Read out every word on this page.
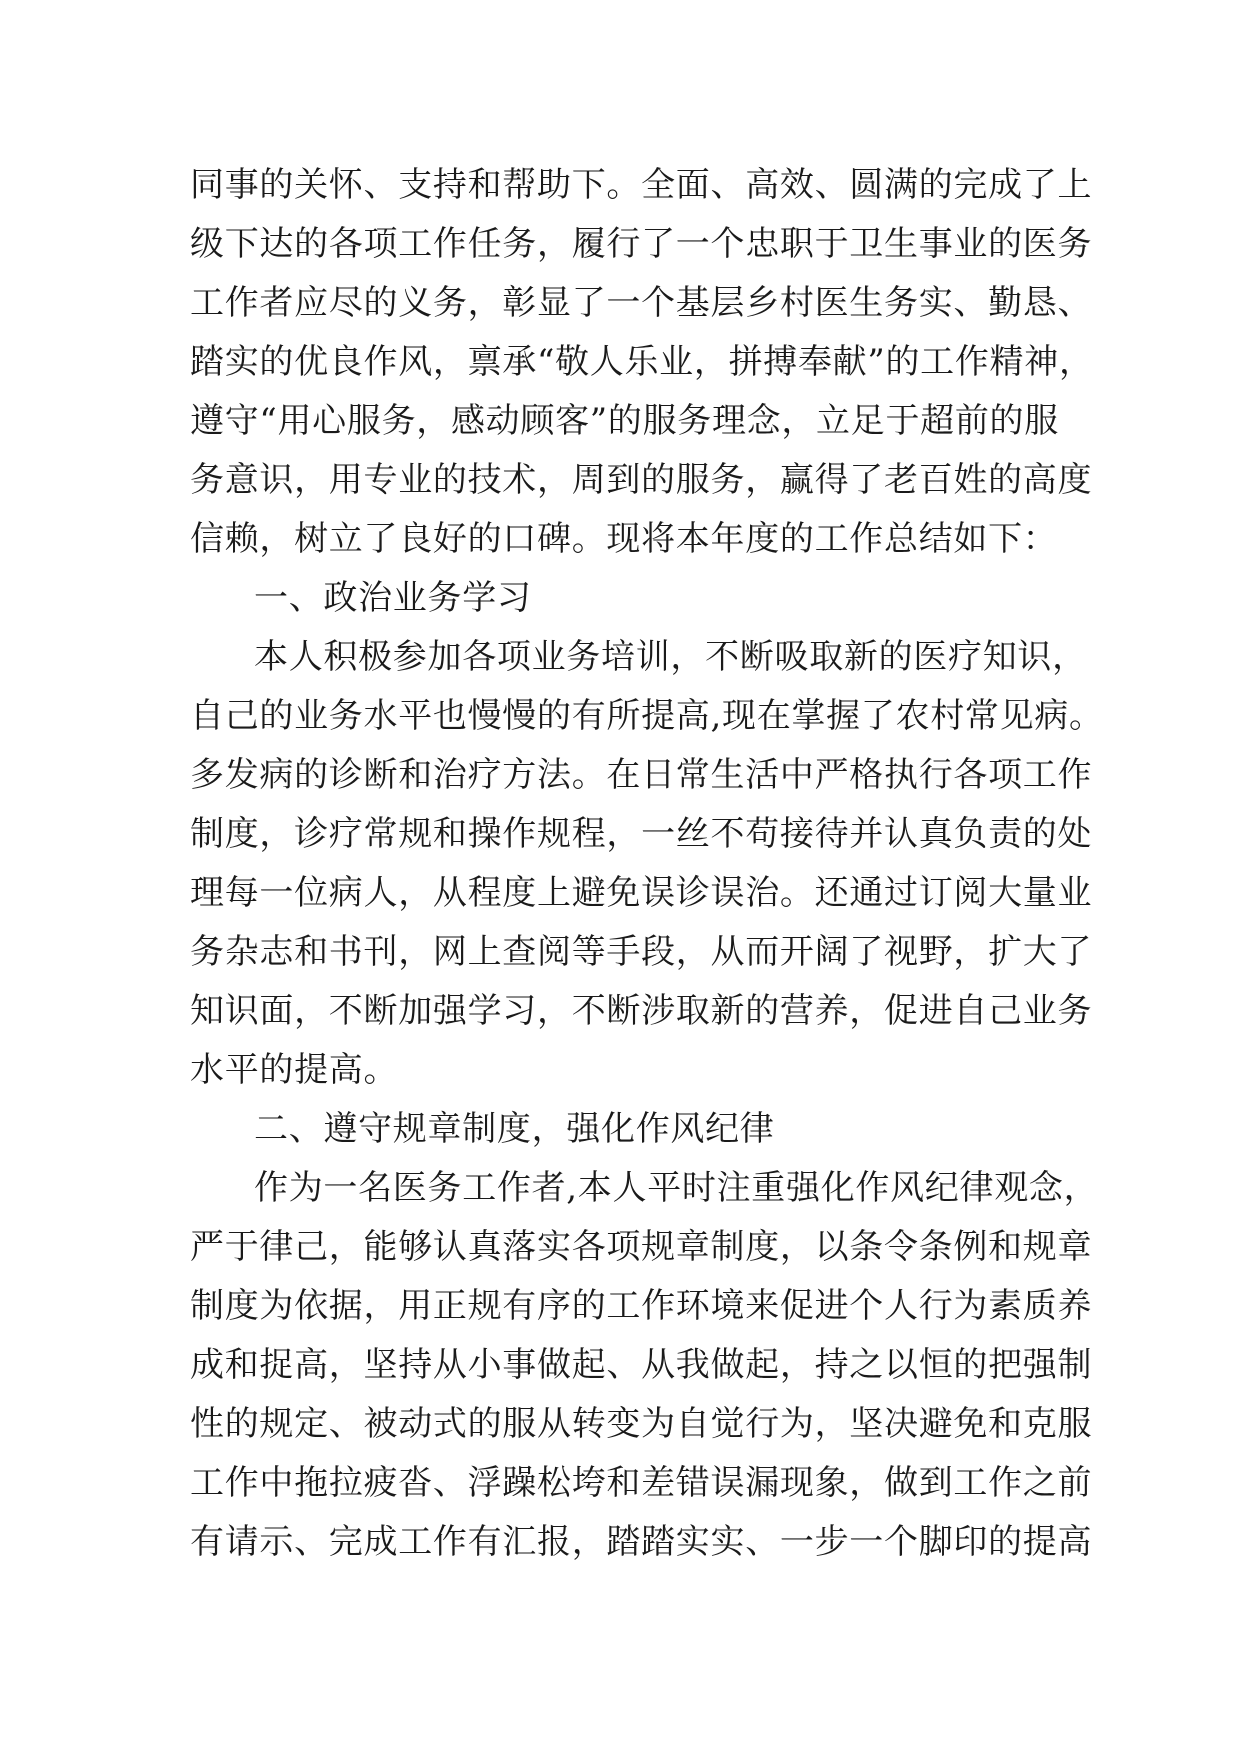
同事的关怀、支持和帮助下。全面、高效、圆满的完成了上
级下达的各项工作任务，履行了一个忠职于卫生事业的医务
工作者应尽的义务，彰显了一个基层乡村医生务实、勤恳、
踏实的优良作风，禀承“敬人乐业，拼搏奉献”的工作精神，
遵守“用心服务，感动顾客”的服务理念，立足于超前的服
务意识，用专业的技术，周到的服务，赢得了老百姓的高度
信赖，树立了良好的口碑。现将本年度的工作总结如下：
一、政治业务学习
本人积极参加各项业务培训，不断吸取新的医疗知识，
自己的业务水平也慢慢的有所提高,现在掌握了农村常见病。
多发病的诊断和治疗方法。在日常生活中严格执行各项工作
制度，诊疗常规和操作规程，一丝不苟接待并认真负责的处
理每一位病人，从程度上避免误诊误治。还通过订阅大量业
务杂志和书刊，网上查阅等手段，从而开阔了视野，扩大了
知识面，不断加强学习，不断涉取新的营养，促进自己业务
水平的提高。
二、遵守规章制度，强化作风纪律
作为一名医务工作者,本人平时注重强化作风纪律观念，
严于律己，能够认真落实各项规章制度，以条令条例和规章
制度为依据，用正规有序的工作环境来促进个人行为素质养
成和捉高，坚持从小事做起、从我做起，持之以恒的把强制
性的规定、被动式的服从转变为自觉行为，坚决避免和克服
工作中拖拉疲沓、浮躁松垮和差错误漏现象，做到工作之前
有请示、完成工作有汇报，踏踏实实、一步一个脚印的提高
